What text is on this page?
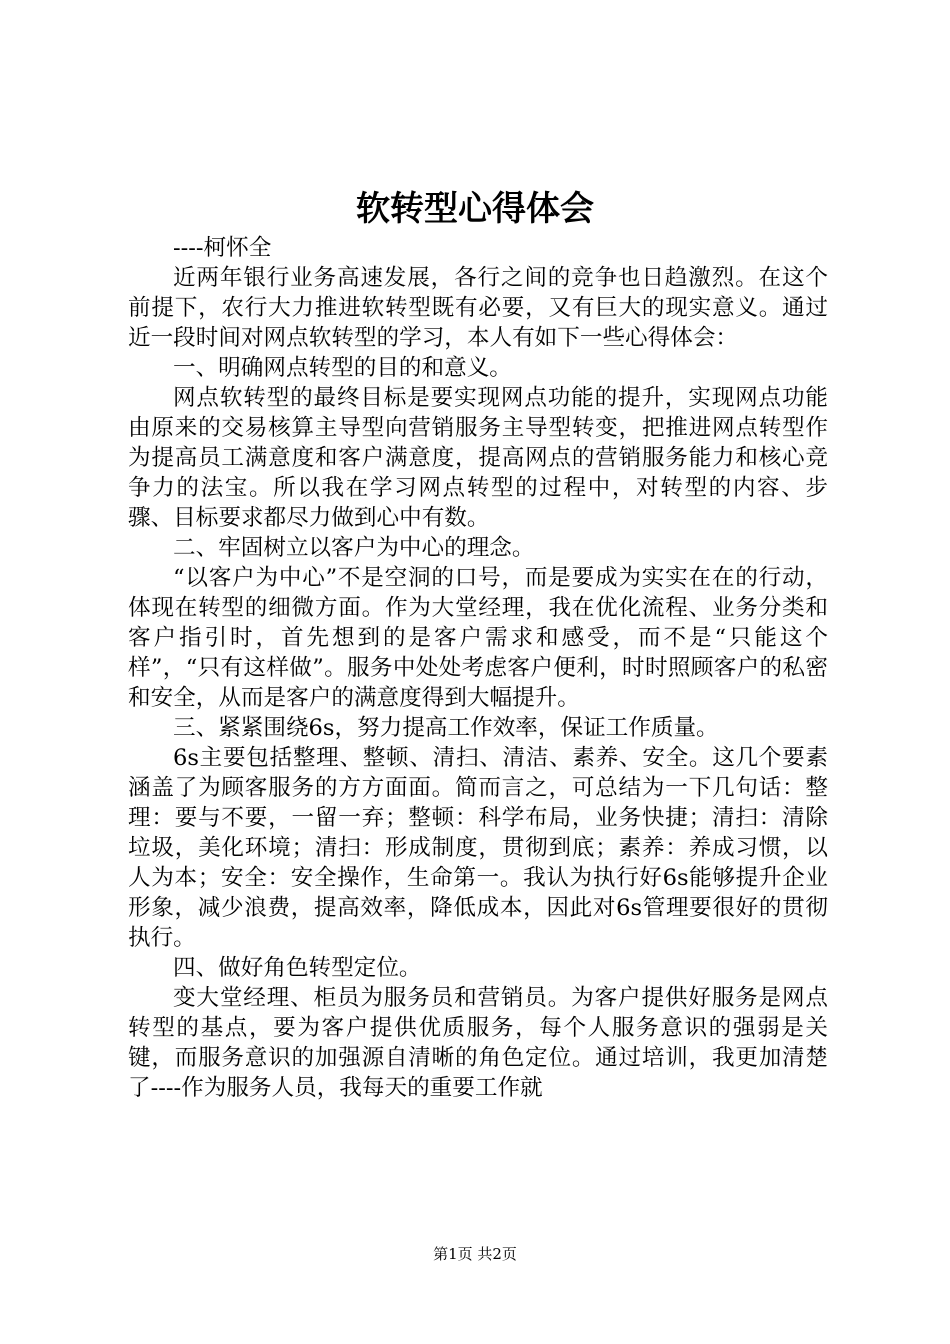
软转型心得体会

----柯怀全

近两年银行业务高速发展，各行之间的竞争也日趋激烈。在这个前提下，农行大力推进软转型既有必要，又有巨大的现实意义。通过近一段时间对网点软转型的学习，本人有如下一些心得体会：

一、明确网点转型的目的和意义。

网点软转型的最终目标是要实现网点功能的提升，实现网点功能由原来的交易核算主导型向营销服务主导型转变，把推进网点转型作为提高员工满意度和客户满意度，提高网点的营销服务能力和核心竞争力的法宝。所以我在学习网点转型的过程中，对转型的内容、步骤、目标要求都尽力做到心中有数。

二、牢固树立以客户为中心的理念。

“以客户为中心”不是空洞的口号，而是要成为实实在在的行动，体现在转型的细微方面。作为大堂经理，我在优化流程、业务分类和客户指引时，首先想到的是客户需求和感受，而不是“只能这个样”，“只有这样做”。服务中处处考虑客户便利，时时照顾客户的私密和安全，从而是客户的满意度得到大幅提升。

三、紧紧围绕6s，努力提高工作效率，保证工作质量。

6s主要包括整理、整顿、清扫、清洁、素养、安全。这几个要素涵盖了为顾客服务的方方面面。简而言之，可总结为一下几句话：整理：要与不要，一留一弃；整顿：科学布局，业务快捷；清扫：清除垃圾，美化环境；清扫：形成制度，贯彻到底；素养：养成习惯，以人为本；安全：安全操作，生命第一。我认为执行好6s能够提升企业形象，减少浪费，提高效率，降低成本，因此对6s管理要很好的贯彻执行。

四、做好角色转型定位。

变大堂经理、柜员为服务员和营销员。为客户提供好服务是网点转型的基点，要为客户提供优质服务，每个人服务意识的强弱是关键，而服务意识的加强源自清晰的角色定位。通过培训，我更加清楚了----作为服务人员，我每天的重要工作就

第1页 共2页
